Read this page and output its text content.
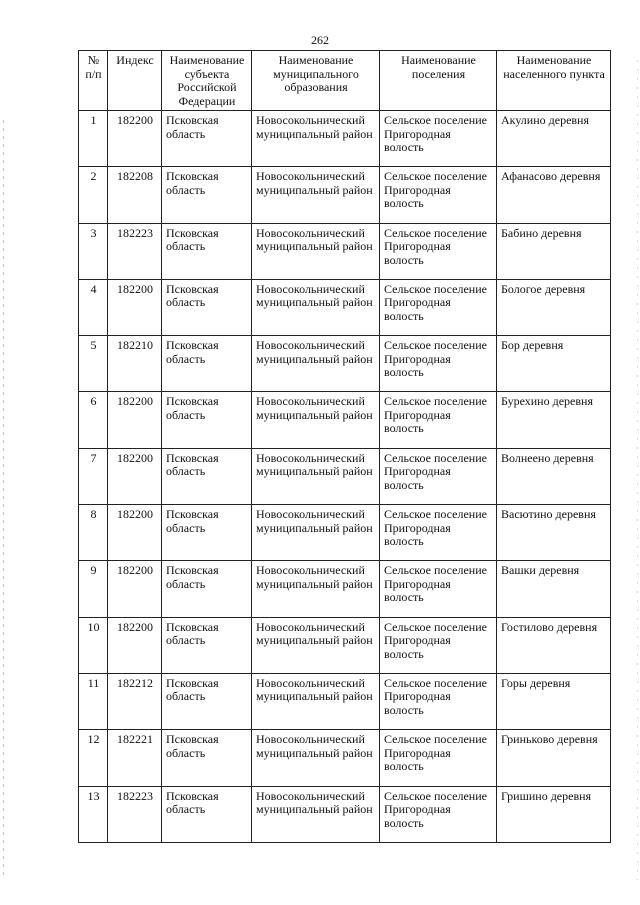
262
№ п/п	Индекс	Наименование субъекта Российской Федерации	Наименование муниципального образования	Наименование поселения	Наименование населенного пункта
1	182200	Псковская область	Новосокольнический муниципальный район	Сельское поселение Пригородная волость	Акулино деревня
2	182208	Псковская область	Новосокольнический муниципальный район	Сельское поселение Пригородная волость	Афанасово деревня
3	182223	Псковская область	Новосокольнический муниципальный район	Сельское поселение Пригородная волость	Бабино деревня
4	182200	Псковская область	Новосокольнический муниципальный район	Сельское поселение Пригородная волость	Бологое деревня
5	182210	Псковская область	Новосокольнический муниципальный район	Сельское поселение Пригородная волость	Бор деревня
6	182200	Псковская область	Новосокольнический муниципальный район	Сельское поселение Пригородная волость	Бурехино деревня
7	182200	Псковская область	Новосокольнический муниципальный район	Сельское поселение Пригородная волость	Волнеено деревня
8	182200	Псковская область	Новосокольнический муниципальный район	Сельское поселение Пригородная волость	Васютино деревня
9	182200	Псковская область	Новосокольнический муниципальный район	Сельское поселение Пригородная волость	Вашки деревня
10	182200	Псковская область	Новосокольнический муниципальный район	Сельское поселение Пригородная волость	Гостилово деревня
11	182212	Псковская область	Новосокольнический муниципальный район	Сельское поселение Пригородная волость	Горы деревня
12	182221	Псковская область	Новосокольнический муниципальный район	Сельское поселение Пригородная волость	Гриньково деревня
13	182223	Псковская область	Новосокольнический муниципальный район	Сельское поселение Пригородная волость	Гришино деревня
